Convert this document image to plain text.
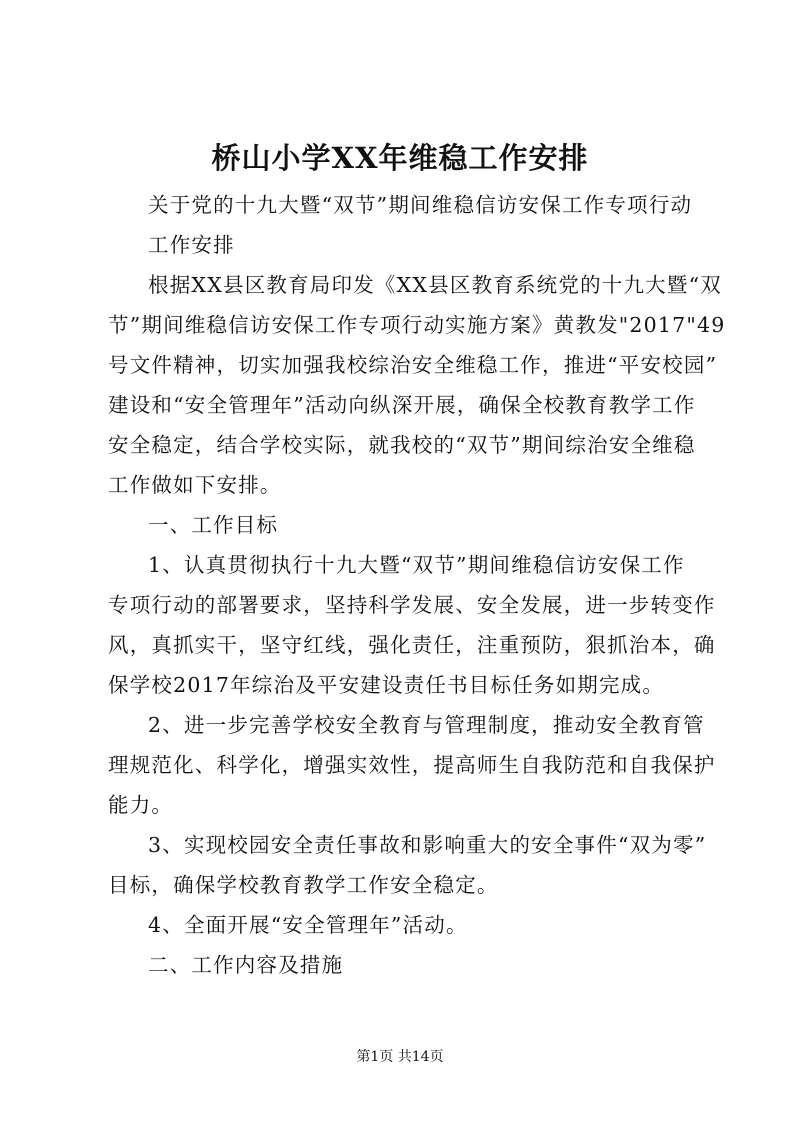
桥山小学XX年维稳工作安排
关于党的十九大暨“双节”期间维稳信访安保工作专项行动
工作安排
根据XX县区教育局印发《XX县区教育系统党的十九大暨“双
节”期间维稳信访安保工作专项行动实施方案》黄教发"2017"49
号文件精神，切实加强我校综治安全维稳工作，推进“平安校园”
建设和“安全管理年”活动向纵深开展，确保全校教育教学工作
安全稳定，结合学校实际，就我校的“双节”期间综治安全维稳
工作做如下安排。
一、工作目标
1、认真贯彻执行十九大暨“双节”期间维稳信访安保工作
专项行动的部署要求，坚持科学发展、安全发展，进一步转变作
风，真抓实干，坚守红线，强化责任，注重预防，狠抓治本，确
保学校2017年综治及平安建设责任书目标任务如期完成。
2、进一步完善学校安全教育与管理制度，推动安全教育管
理规范化、科学化，增强实效性，提高师生自我防范和自我保护
能力。
3、实现校园安全责任事故和影响重大的安全事件“双为零”
目标，确保学校教育教学工作安全稳定。
4、全面开展“安全管理年”活动。
二、工作内容及措施
第1页 共14页
